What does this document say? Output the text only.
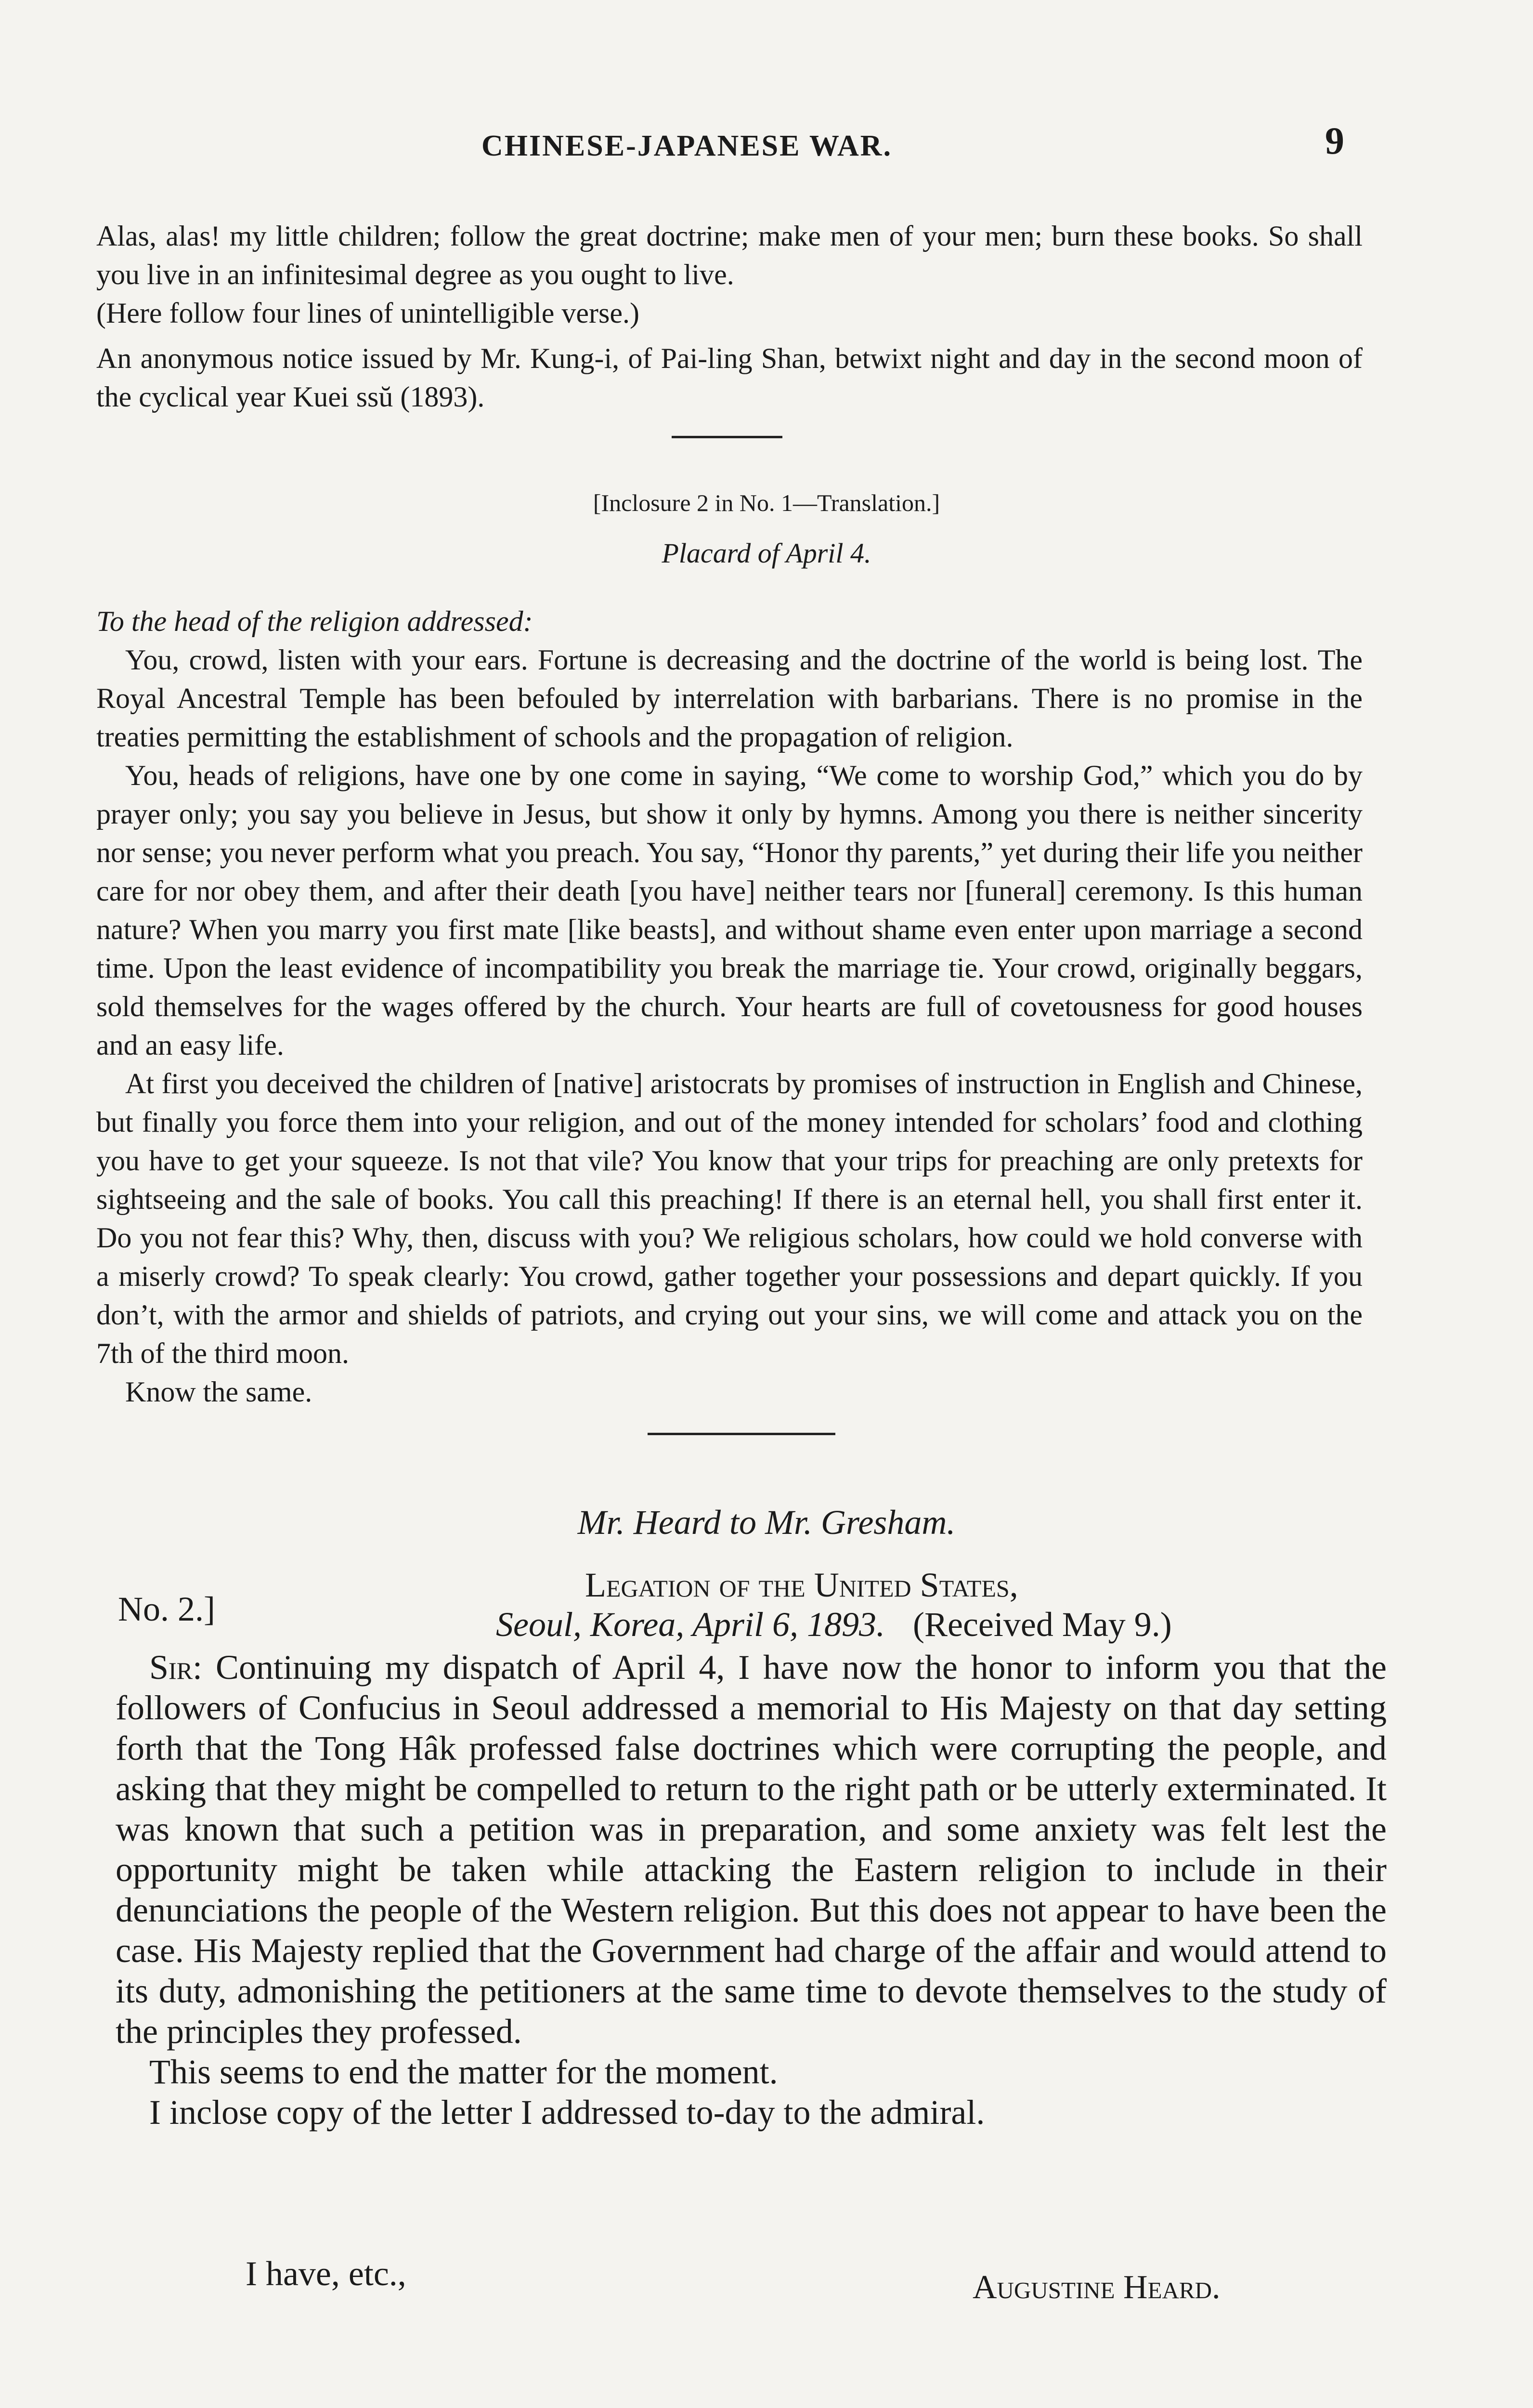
CHINESE-JAPANESE WAR.	9

Alas, alas! my little children; follow the great doctrine; make men of your men; burn these books. So shall you live in an infinitesimal degree as you ought to live.

(Here follow four lines of unintelligible verse.)

An anonymous notice issued by Mr. Kung-i, of Pai-ling Shan, betwixt night and day in the second moon of the cyclical year Kuei ssŭ (1893).

[Inclosure 2 in No. 1—Translation.]
Placard of April 4.

To the head of the religion addressed:

You, crowd, listen with your ears. Fortune is decreasing and the doctrine of the world is being lost. The Royal Ancestral Temple has been befouled by interrelation with barbarians. There is no promise in the treaties permitting the establishment of schools and the propagation of religion.

You, heads of religions, have one by one come in saying, “We come to worship God,” which you do by prayer only; you say you believe in Jesus, but show it only by hymns. Among you there is neither sincerity nor sense; you never perform what you preach. You say, “Honor thy parents,” yet during their life you neither care for nor obey them, and after their death [you have] neither tears nor [funeral] ceremony. Is this human nature? When you marry you first mate [like beasts], and without shame even enter upon marriage a second time. Upon the least evidence of incompatibility you break the marriage tie. Your crowd, originally beggars, sold themselves for the wages offered by the church. Your hearts are full of covetousness for good houses and an easy life.

At first you deceived the children of [native] aristocrats by promises of instruction in English and Chinese, but finally you force them into your religion, and out of the money intended for scholars’ food and clothing you have to get your squeeze. Is not that vile? You know that your trips for preaching are only pretexts for sightseeing and the sale of books. You call this preaching! If there is an eternal hell, you shall first enter it. Do you not fear this? Why, then, discuss with you? We religious scholars, how could we hold converse with a miserly crowd? To speak clearly: You crowd, gather together your possessions and depart quickly. If you don’t, with the armor and shields of patriots, and crying out your sins, we will come and attack you on the 7th of the third moon.

Know the same.

Mr. Heard to Mr. Gresham.
No. 2.]
Legation of the United States,
Seoul, Korea, April 6, 1893. (Received May 9.)

Sir: Continuing my dispatch of April 4, I have now the honor to inform you that the followers of Confucius in Seoul addressed a memorial to His Majesty on that day setting forth that the Tong Hâk professed false doctrines which were corrupting the people, and asking that they might be compelled to return to the right path or be utterly exterminated. It was known that such a petition was in preparation, and some anxiety was felt lest the opportunity might be taken while attacking the Eastern religion to include in their denunciations the people of the Western religion. But this does not appear to have been the case. His Majesty replied that the Government had charge of the affair and would attend to its duty, admonishing the petitioners at the same time to devote themselves to the study of the principles they professed.

This seems to end the matter for the moment.

I inclose copy of the letter I addressed to-day to the admiral.

I have, etc.,	Augustine Heard.
